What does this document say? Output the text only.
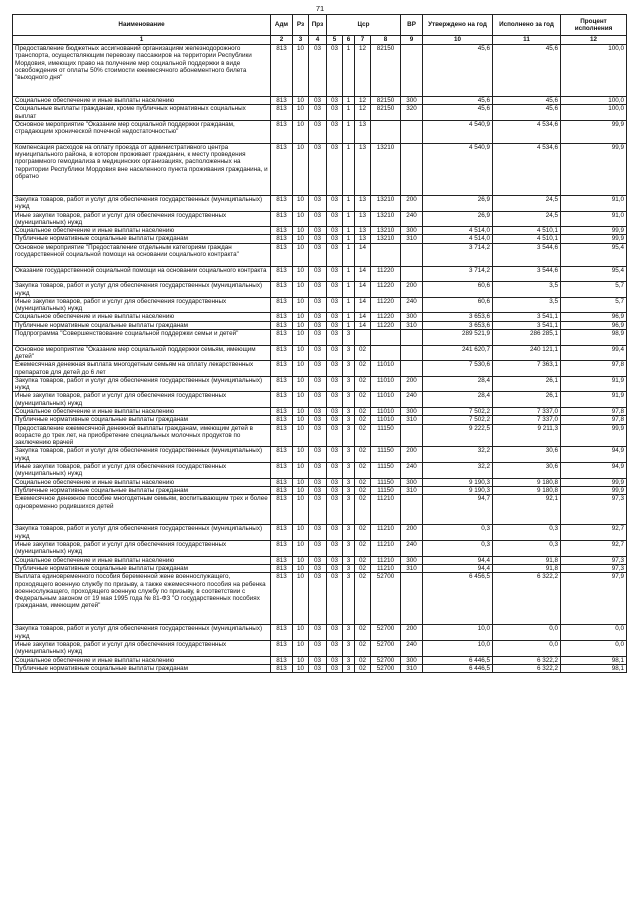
71
Наименование	Адм	Рз	Прз	Цср				ВР	Утверждено на год	Исполнено за год	Процент исполнения
1	2	3	4	5	6	7	8	9	10	11	12
Предоставление бюджетных ассигнований организациям железнодорожного транспорта, осуществляющим перевозку пассажиров на территории Республики Мордовия, имеющих право на получение мер социальной поддержки в виде освобождения от оплаты 50% стоимости ежемесячного абонементного билета "выходного дня"	813	10	03	03	1	12	82150		45,6	45,6	100,0
Социальное обеспечение и иные выплаты населению	813	10	03	03	1	12	82150	300	45,6	45,6	100,0
Социальные выплаты гражданам, кроме публичных нормативных социальных выплат	813	10	03	03	1	12	82150	320	45,6	45,6	100,0
Основное мероприятие "Оказание мер социальной поддержки гражданам, страдающим хронической почечной недостаточностью"	813	10	03	03	1	13			4 540,9	4 534,6	99,9
Компенсация расходов на оплату проезда от административного центра муниципального района, в котором проживает гражданин, к месту проведения программного гемодиализа в медицинских организациях, расположенных на территории Республики Мордовия вне населенного пункта проживания гражданина, и обратно	813	10	03	03	1	13	13210		4 540,9	4 534,6	99,9
Закупка товаров, работ и услуг для обеспечения государственных (муниципальных) нужд	813	10	03	03	1	13	13210	200	26,9	24,5	91,0
Иные закупки товаров, работ и услуг для обеспечения государственных (муниципальных) нужд	813	10	03	03	1	13	13210	240	26,9	24,5	91,0
Социальное обеспечение и иные выплаты населению	813	10	03	03	1	13	13210	300	4 514,0	4 510,1	99,9
Публичные нормативные социальные выплаты гражданам	813	10	03	03	1	13	13210	310	4 514,0	4 510,1	99,9
Основное мероприятие "Предоставление отдельным категориям граждан государственной социальной помощи на основании социального контракта"	813	10	03	03	1	14			3 714,2	3 544,6	95,4
Оказание государственной социальной помощи на основании социального контракта	813	10	03	03	1	14	11220		3 714,2	3 544,6	95,4
Закупка товаров, работ и услуг для обеспечения государственных (муниципальных) нужд	813	10	03	03	1	14	11220	200	60,6	3,5	5,7
Иные закупки товаров, работ и услуг для обеспечения государственных (муниципальных) нужд	813	10	03	03	1	14	11220	240	60,6	3,5	5,7
Социальное обеспечение и иные выплаты населению	813	10	03	03	1	14	11220	300	3 653,6	3 541,1	96,9
Публичные нормативные социальные выплаты гражданам	813	10	03	03	1	14	11220	310	3 653,6	3 541,1	96,9
Подпрограмма "Совершенствование социальной поддержки семьи и детей"	813	10	03	03	3				289 521,9	286 285,1	98,9
Основное мероприятие "Оказание мер социальной поддержки семьям, имеющим детей"	813	10	03	03	3	02			241 620,7	240 121,1	99,4
Ежемесячная денежная выплата многодетным семьям на оплату лекарственных препаратов для детей до 6 лет	813	10	03	03	3	02	11010		7 530,6	7 363,1	97,8
Закупка товаров, работ и услуг для обеспечения государственных (муниципальных) нужд	813	10	03	03	3	02	11010	200	28,4	26,1	91,9
Иные закупки товаров, работ и услуг для обеспечения государственных (муниципальных) нужд	813	10	03	03	3	02	11010	240	28,4	26,1	91,9
Социальное обеспечение и иные выплаты населению	813	10	03	03	3	02	11010	300	7 502,2	7 337,0	97,8
Публичные нормативные социальные выплаты гражданам	813	10	03	03	3	02	11010	310	7 502,2	7 337,0	97,8
Предоставление ежемесячной денежной выплаты гражданам, имеющим детей в возрасте до трех лет, на приобретение специальных молочных продуктов по заключению врачей	813	10	03	03	3	02	11150		9 222,5	9 211,3	99,9
Закупка товаров, работ и услуг для обеспечения государственных (муниципальных) нужд	813	10	03	03	3	02	11150	200	32,2	30,6	94,9
Иные закупки товаров, работ и услуг для обеспечения государственных (муниципальных) нужд	813	10	03	03	3	02	11150	240	32,2	30,6	94,9
Социальное обеспечение и иные выплаты населению	813	10	03	03	3	02	11150	300	9 190,3	9 180,8	99,9
Публичные нормативные социальные выплаты гражданам	813	10	03	03	3	02	11150	310	9 190,3	9 180,8	99,9
Ежемесячное денежное пособие многодетным семьям, воспитывающим трех и более одновременно родившихся детей	813	10	03	03	3	02	11210		94,7	92,1	97,3
Закупка товаров, работ и услуг для обеспечения государственных (муниципальных) нужд	813	10	03	03	3	02	11210	200	0,3	0,3	92,7
Иные закупки товаров, работ и услуг для обеспечения государственных (муниципальных) нужд	813	10	03	03	3	02	11210	240	0,3	0,3	92,7
Социальное обеспечение и иные выплаты населению	813	10	03	03	3	02	11210	300	94,4	91,8	97,3
Публичные нормативные социальные выплаты гражданам	813	10	03	03	3	02	11210	310	94,4	91,8	97,3
Выплата единовременного пособия беременной жене военнослужащего, проходящего военную службу по призыву, а также ежемесячного пособия на ребенка военнослужащего, проходящего военную службу по призыву, в соответствии с Федеральным законом от 19 мая 1995 года № 81-ФЗ "О государственных пособиях гражданам, имеющим детей"	813	10	03	03	3	02	52700		6 456,5	6 322,2	97,9
Закупка товаров, работ и услуг для обеспечения государственных (муниципальных) нужд	813	10	03	03	3	02	52700	200	10,0	0,0	0,0
Иные закупки товаров, работ и услуг для обеспечения государственных (муниципальных) нужд	813	10	03	03	3	02	52700	240	10,0	0,0	0,0
Социальное обеспечение и иные выплаты населению	813	10	03	03	3	02	52700	300	6 446,5	6 322,2	98,1
Публичные нормативные социальные выплаты гражданам	813	10	03	03	3	02	52700	310	6 446,5	6 322,2	98,1
